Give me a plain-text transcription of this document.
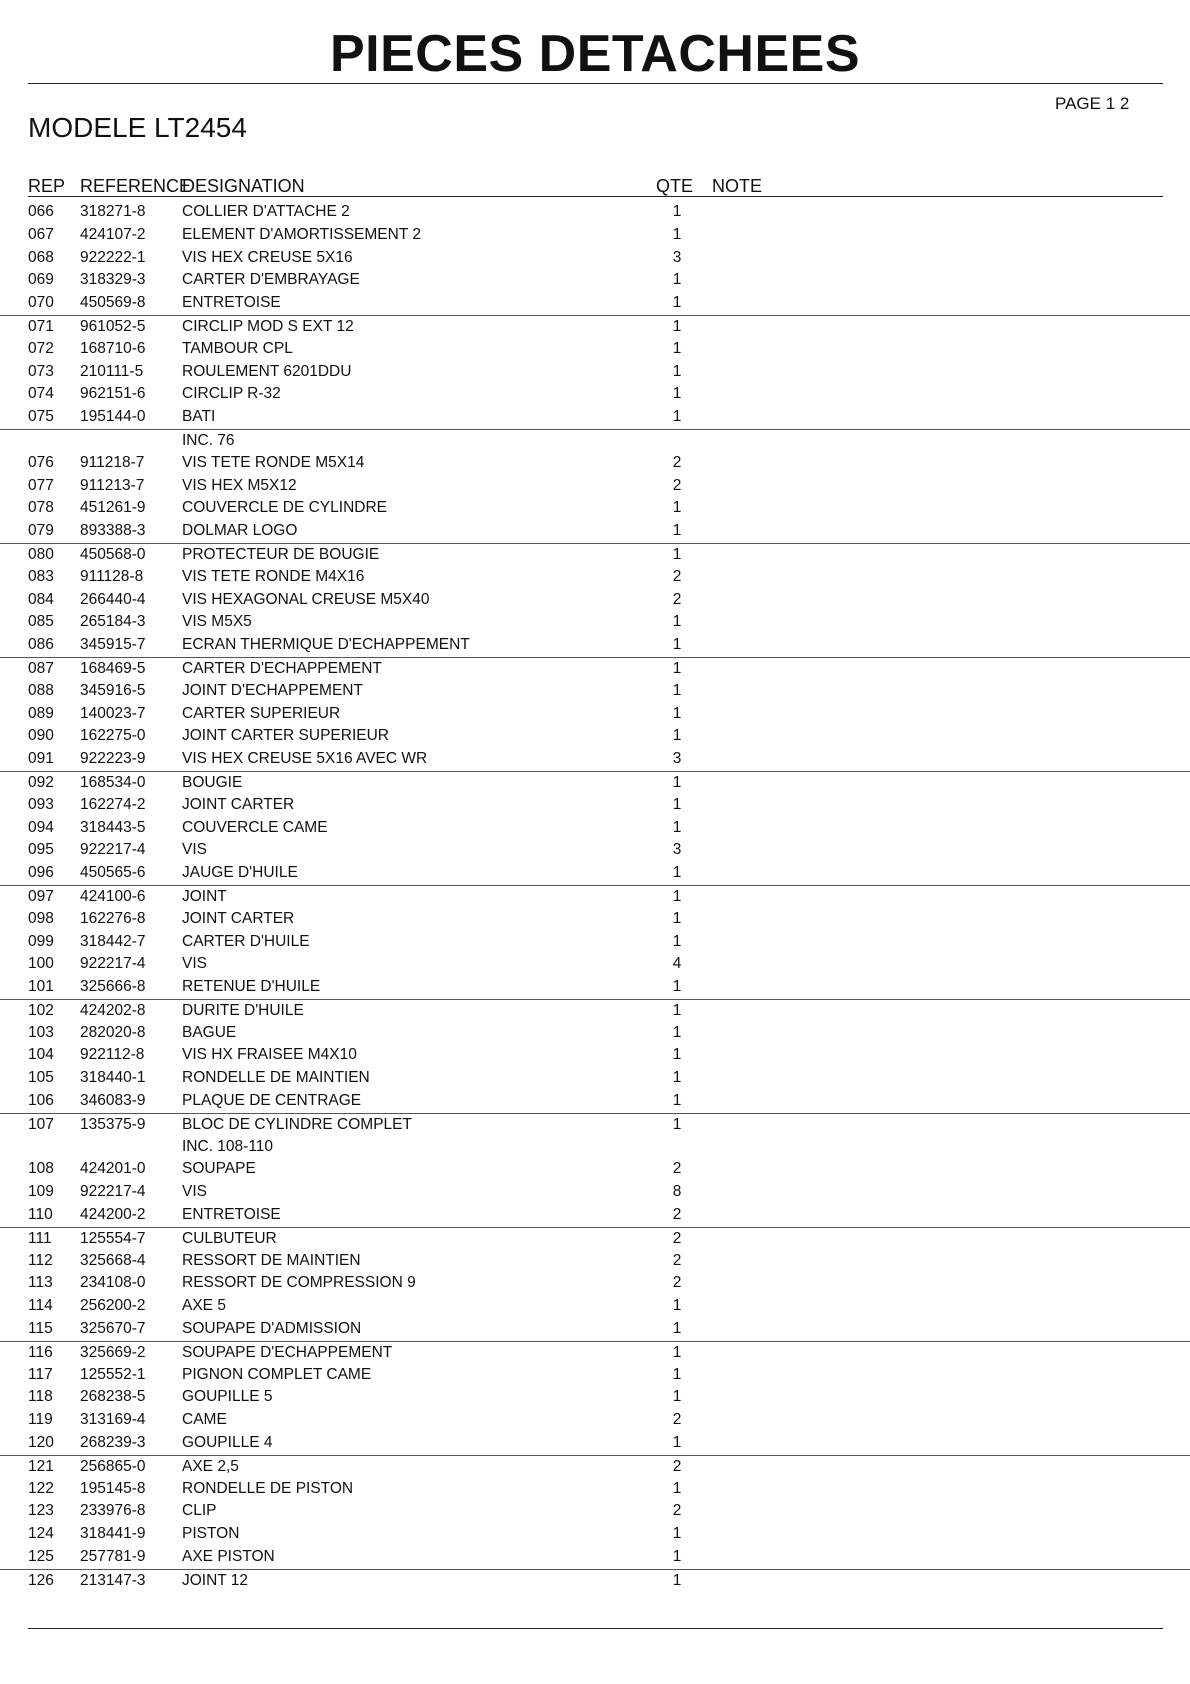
PIECES DETACHEES
PAGE 1 2
MODELE LT2454
REP REFERENCE
DESIGNATION	QTE NOTE
066 318271-8 COLLIER D'ATTACHE 2	1
067 424107-2 ELEMENT D'AMORTISSEMENT 2	1
068 922222-1 VIS HEX CREUSE 5X16	3
069 318329-3 CARTER D'EMBRAYAGE	1
070 450569-8 ENTRETOISE	1
071 961052-5 CIRCLIP MOD S EXT 12	1
072 168710-6 TAMBOUR CPL	1
073 210111-5	ROULEMENT 6201DDU	1
074 962151-6 CIRCLIP R-32	1
075 195144-0 BATI	1
INC. 76
076 911218-7 VIS TETE RONDE M5X14	2
077 911213-7 VIS HEX M5X12	2
078 451261-9 COUVERCLE DE CYLINDRE	1
079 893388-3 DOLMAR LOGO	1
080 450568-0 PROTECTEUR DE BOUGIE	1
083 911128-8	VIS TETE RONDE M4X16	2
084 266440-4 VIS HEXAGONAL CREUSE M5X40	2
085 265184-3 VIS M5X5	1
086 345915-7 ECRAN THERMIQUE D'ECHAPPEMENT	1
087 168469-5 CARTER D'ECHAPPEMENT	1
088 345916-5 JOINT D'ECHAPPEMENT	1
089 140023-7 CARTER SUPERIEUR	1
090 162275-0 JOINT CARTER SUPERIEUR	1
091 922223-9 VIS HEX CREUSE 5X16 AVEC WR	3
092 168534-0 BOUGIE	1
093 162274-2 JOINT CARTER	1
094 318443-5 COUVERCLE CAME	1
095 922217-4 VIS	3
096 450565-6 JAUGE D'HUILE	1
097 424100-6 JOINT	1
098 162276-8 JOINT CARTER	1
099 318442-7 CARTER D'HUILE	1
100 922217-4 VIS	4
101 325666-8 RETENUE D'HUILE	1
102 424202-8 DURITE D'HUILE	1
103 282020-8 BAGUE	1
104 922112-8 VIS HX FRAISEE M4X10	1
105 318440-1 RONDELLE DE MAINTIEN	1
106 346083-9 PLAQUE DE CENTRAGE	1
107 135375-9 BLOC DE CYLINDRE COMPLET	1
INC. 108-110
108 424201-0 SOUPAPE	2
109 922217-4 VIS	8
110 424200-2 ENTRETOISE	2
111 125554-7 CULBUTEUR	2
112 325668-4 RESSORT DE MAINTIEN	2
113 234108-0 RESSORT DE COMPRESSION 9	2
114 256200-2 AXE 5	1
115 325670-7 SOUPAPE D'ADMISSION	1
116 325669-2 SOUPAPE D'ECHAPPEMENT	1
117 125552-1 PIGNON COMPLET CAME	1
118 268238-5 GOUPILLE 5	1
119 313169-4 CAME	2
120 268239-3 GOUPILLE 4	1
121 256865-0 AXE 2,5	2
122 195145-8 RONDELLE DE PISTON	1
123 233976-8 CLIP	2
124 318441-9 PISTON	1
125 257781-9 AXE PISTON	1
126 213147-3 JOINT 12	1
